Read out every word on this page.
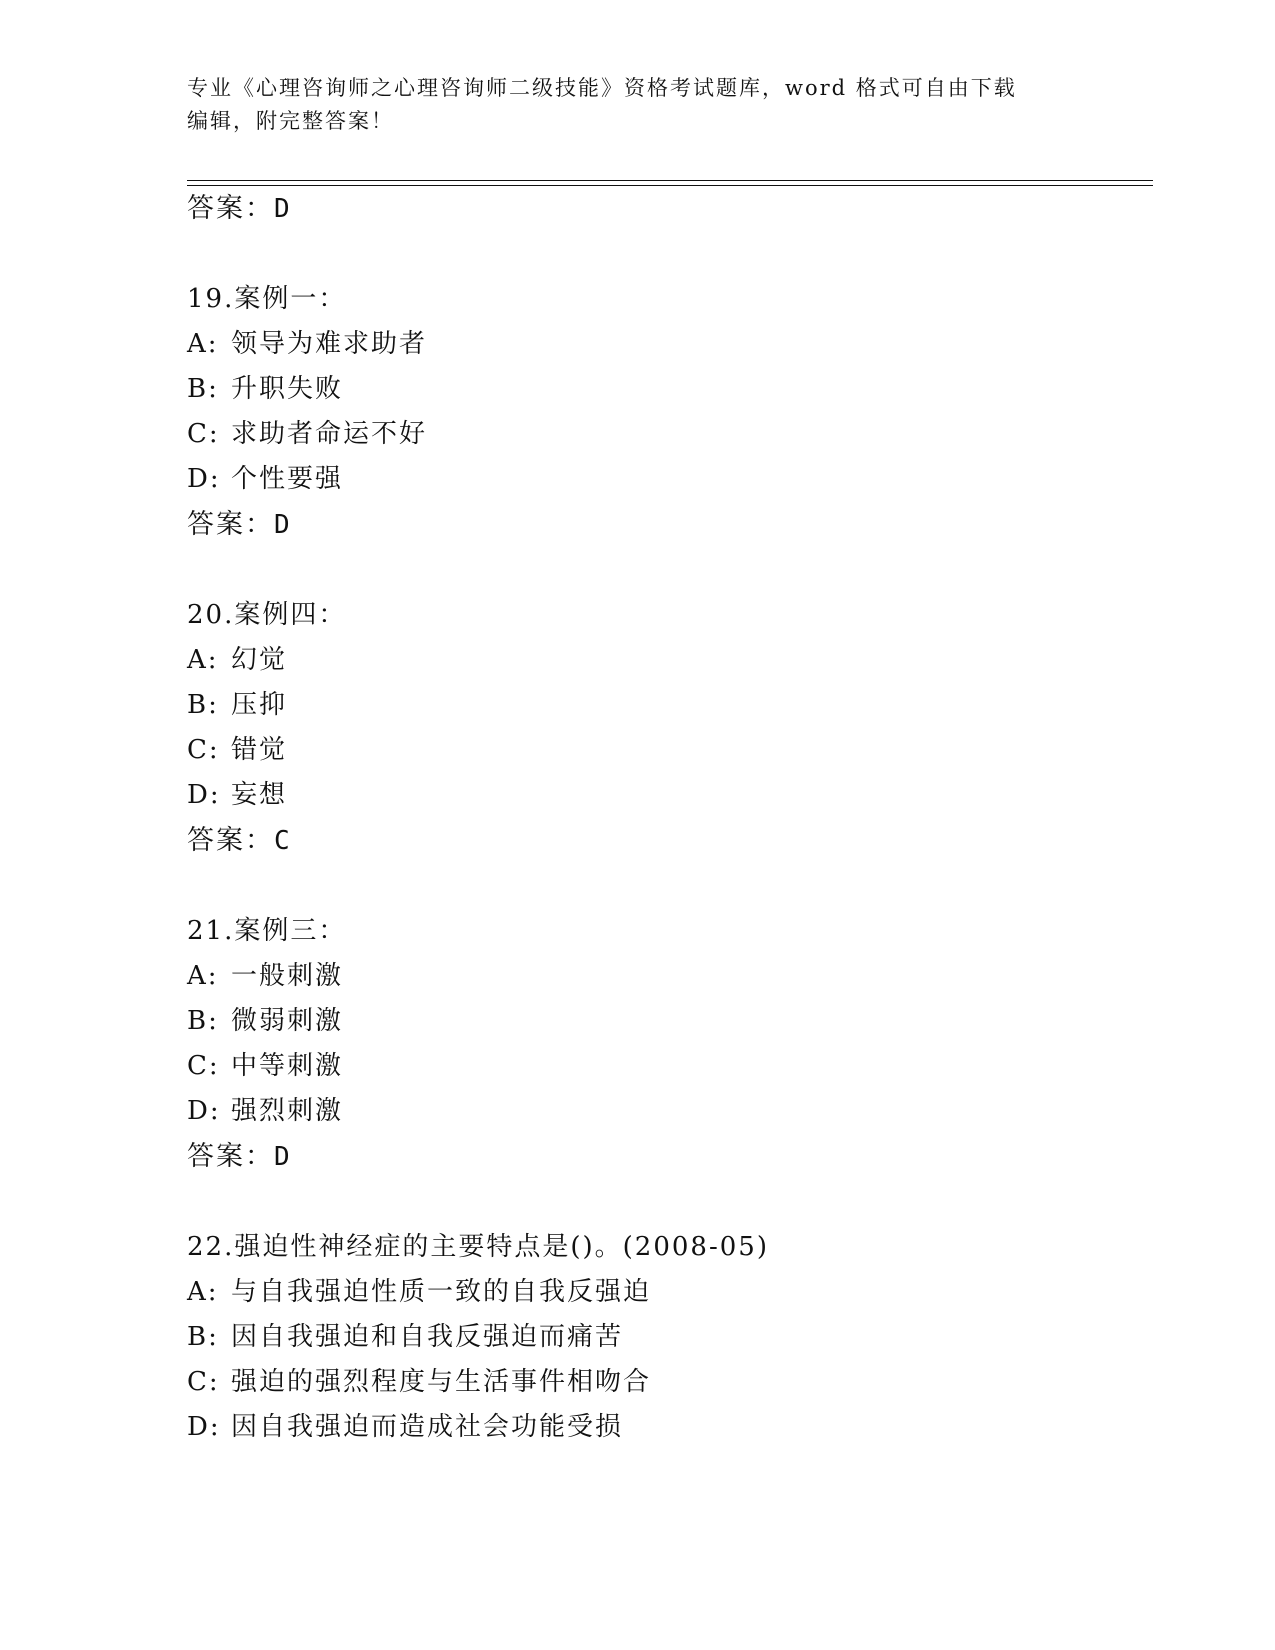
专业《心理咨询师之心理咨询师二级技能》资格考试题库，word 格式可自由下载
编辑，附完整答案！
答案：D
19.案例一：
A: 领导为难求助者
B: 升职失败
C: 求助者命运不好
D: 个性要强
答案：D
20.案例四：
A: 幻觉
B: 压抑
C: 错觉
D: 妄想
答案：C
21.案例三：
A: 一般刺激
B: 微弱刺激
C: 中等刺激
D: 强烈刺激
答案：D
22.强迫性神经症的主要特点是()。(2008-05)
A: 与自我强迫性质一致的自我反强迫
B: 因自我强迫和自我反强迫而痛苦
C: 强迫的强烈程度与生活事件相吻合
D: 因自我强迫而造成社会功能受损
